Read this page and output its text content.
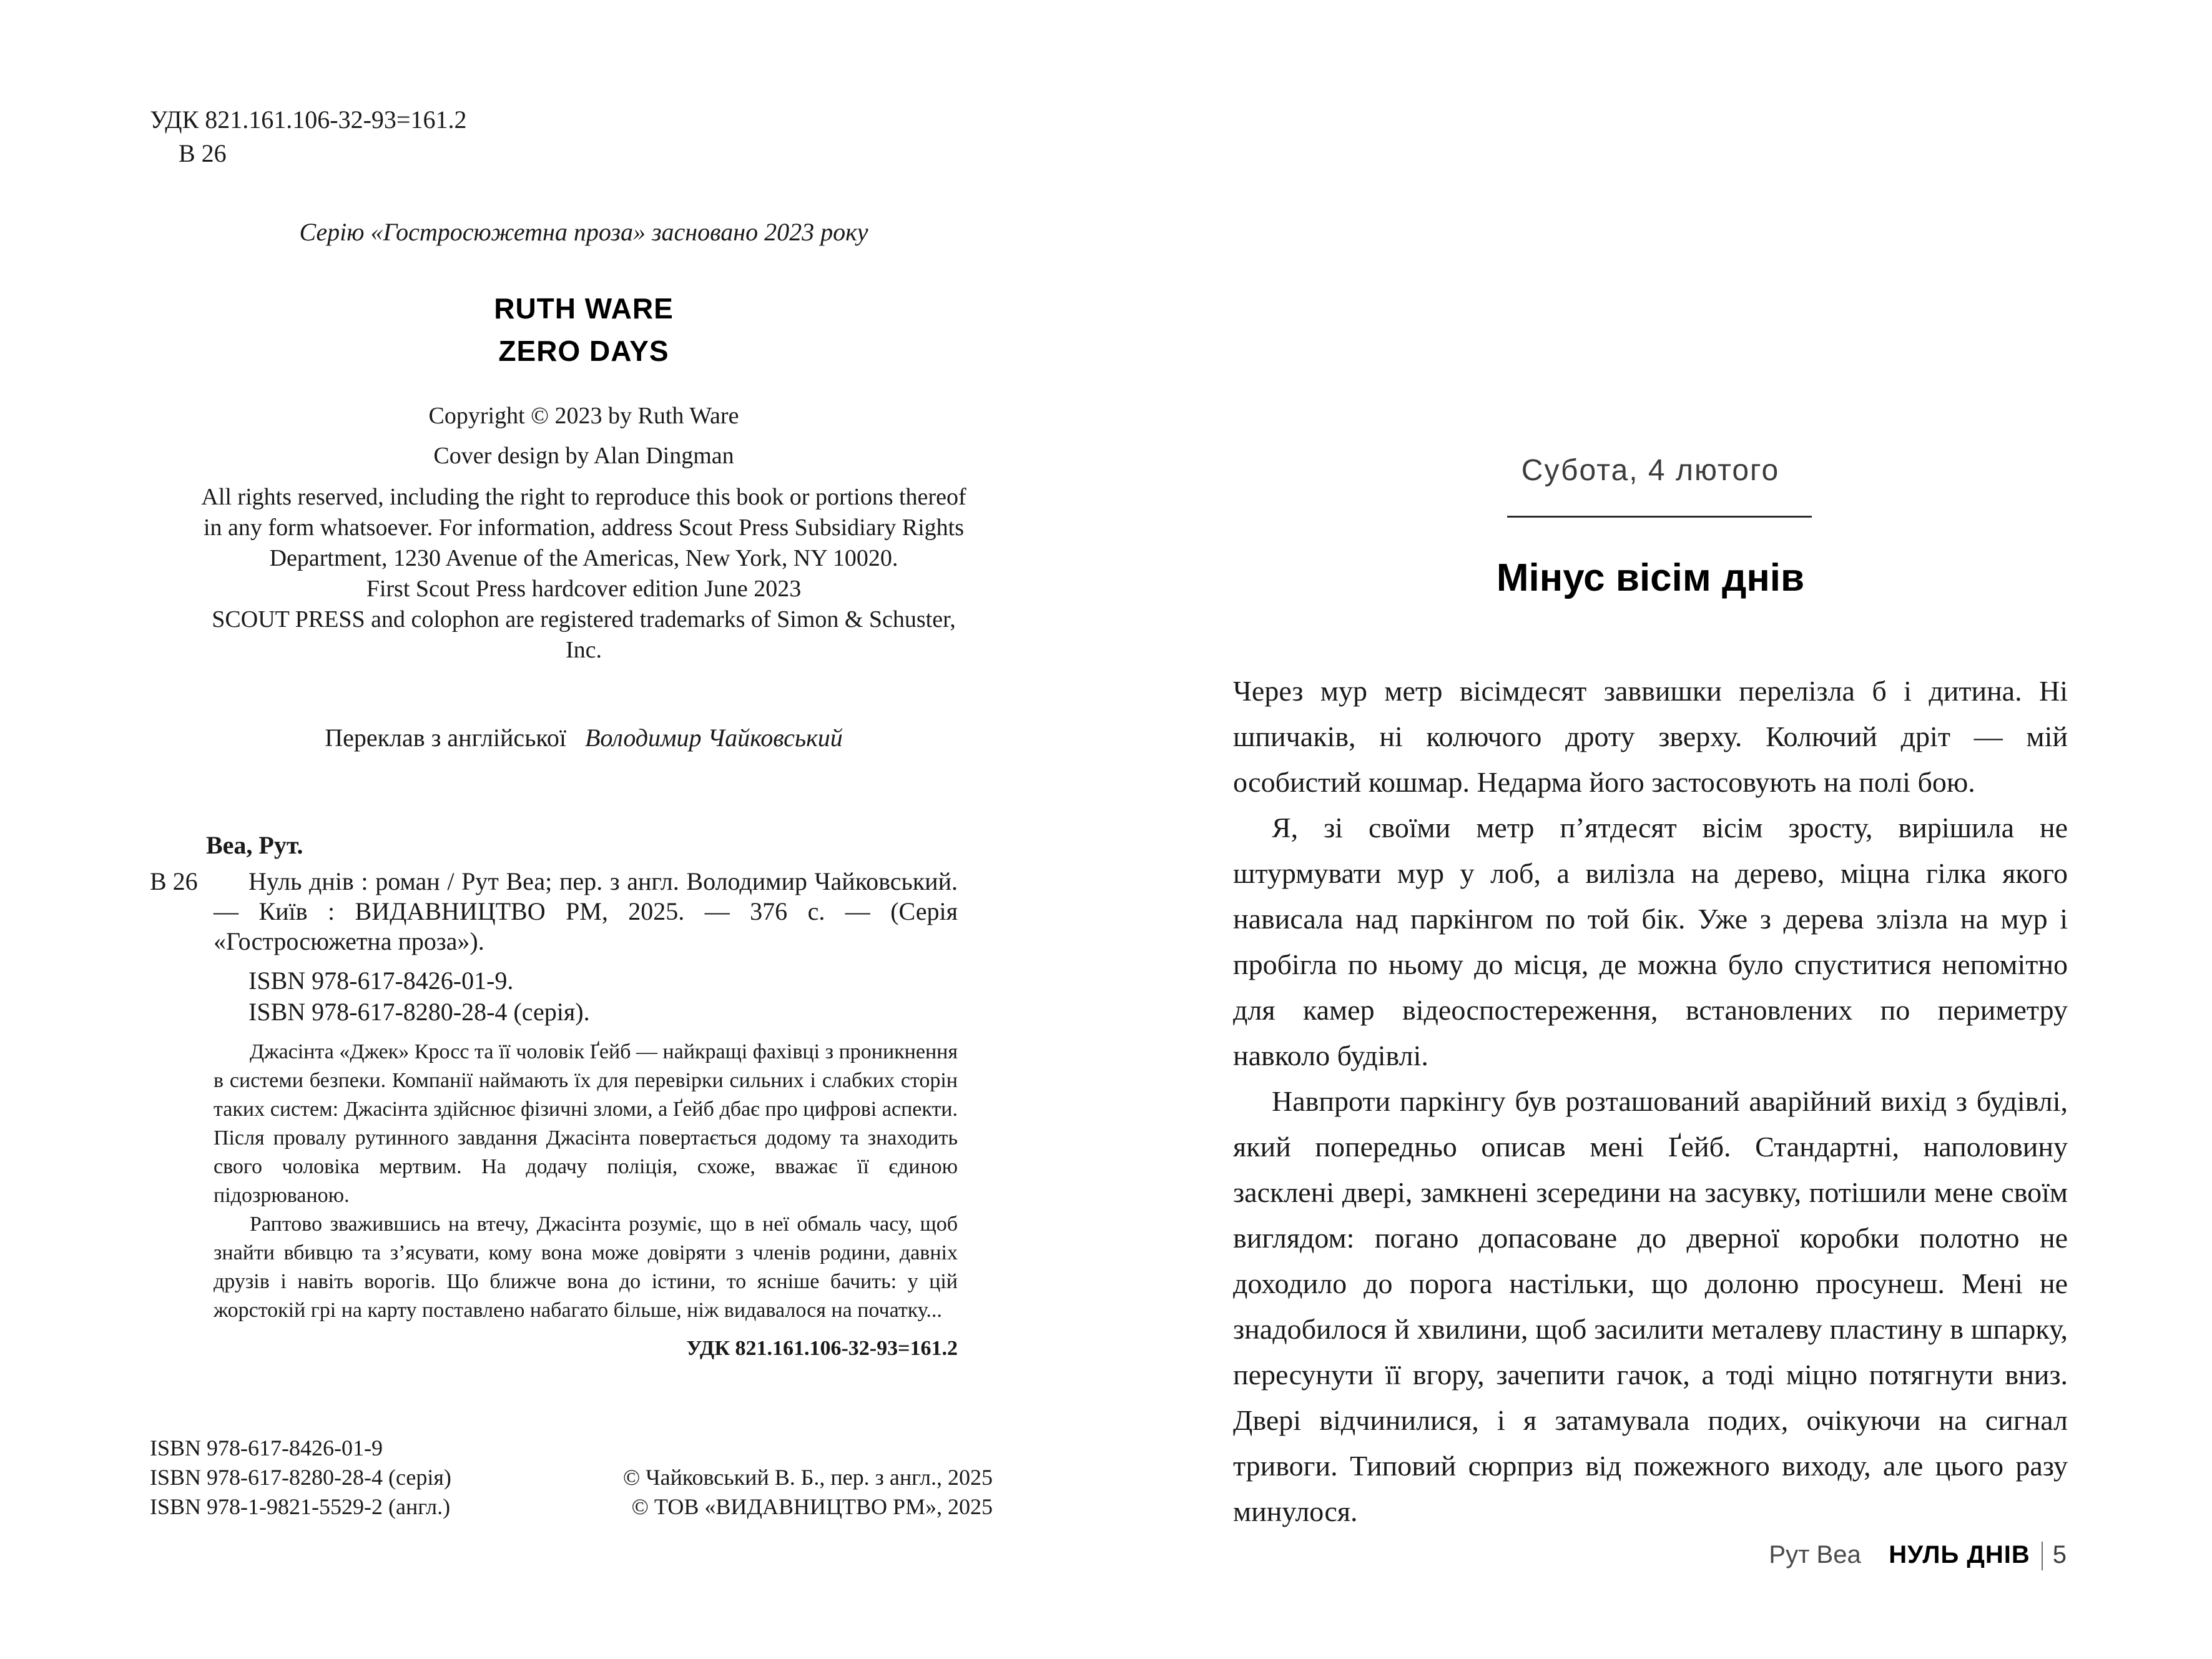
УДК 821.161.106-32-93=161.2
В 26
Серію «Гостросюжетна проза» засновано 2023 року
RUTH WARE
ZERO DAYS
Copyright © 2023 by Ruth Ware
Cover design by Alan Dingman
All rights reserved, including the right to reproduce this book or portions thereof in any form whatsoever. For information, address Scout Press Subsidiary Rights Department, 1230 Avenue of the Americas, New York, NY 10020.
First Scout Press hardcover edition June 2023
SCOUT PRESS and colophon are registered trademarks of Simon & Schuster, Inc.
Переклав з англійської Володимир Чайковський
Веа, Рут.
В 26	Нуль днів : роман / Рут Веа; пер. з англ. Володимир Чайковський. — Київ : ВИДАВНИЦТВО РМ, 2025. — 376 с. — (Серія «Гостросюжетна проза»).
ISBN 978-617-8426-01-9.
ISBN 978-617-8280-28-4 (серія).

Джасінта «Джек» Кросс та її чоловік Ґейб — найкращі фахівці з проникнення в системи безпеки. Компанії наймають їх для перевірки сильних і слабких сторін таких систем: Джасінта здійснює фізичні зломи, а Ґейб дбає про цифрові аспекти. Після провалу рутинного завдання Джасінта повертається додому та знаходить свого чоловіка мертвим. На додачу поліція, схоже, вважає її єдиною підозрюваною.

Раптово зважившись на втечу, Джасінта розуміє, що в неї обмаль часу, щоб знайти вбивцю та з’ясувати, кому вона може довіряти з членів родини, давніх друзів і навіть ворогів. Що ближче вона до істини, то ясніше бачить: у цій жорстокій грі на карту поставлено набагато більше, ніж видавалося на початку...

УДК 821.161.106-32-93=161.2
ISBN 978-617-8426-01-9
ISBN 978-617-8280-28-4 (серія)
ISBN 978-1-9821-5529-2 (англ.)
© Чайковський В. Б., пер. з англ., 2025
© ТОВ «ВИДАВНИЦТВО РМ», 2025
Субота, 4 лютого
Мінус вісім днів

Через мур метр вісімдесят заввишки перелізла б і дитина. Ні шпичаків, ні колючого дроту зверху. Колючий дріт — мій особистий кошмар. Недарма його застосовують на полі бою.

Я, зі своїми метр п’ятдесят вісім зросту, вирішила не штурмувати мур у лоб, а вилізла на дерево, міцна гілка якого нависала над паркінгом по той бік. Уже з дерева злізла на мур і пробігла по ньому до місця, де можна було спуститися непомітно для камер відеоспостереження, встановлених по периметру навколо будівлі.

Навпроти паркінгу був розташований аварійний вихід з будівлі, який попередньо описав мені Ґейб. Стандартні, наполовину засклені двері, замкнені зсередини на засувку, потішили мене своїм виглядом: погано допасоване до дверної коробки полотно не доходило до порога настільки, що долоню просунеш. Мені не знадобилося й хвилини, щоб засилити металеву пластину в шпарку, пересунути її вгору, зачепити гачок, а тоді міцно потягнути вниз. Двері відчинилися, і я затамувала подих, очікуючи на сигнал тривоги. Типовий сюрприз від пожежного виходу, але цього разу минулося.

Рут Веа НУЛЬ ДНІВ 5
